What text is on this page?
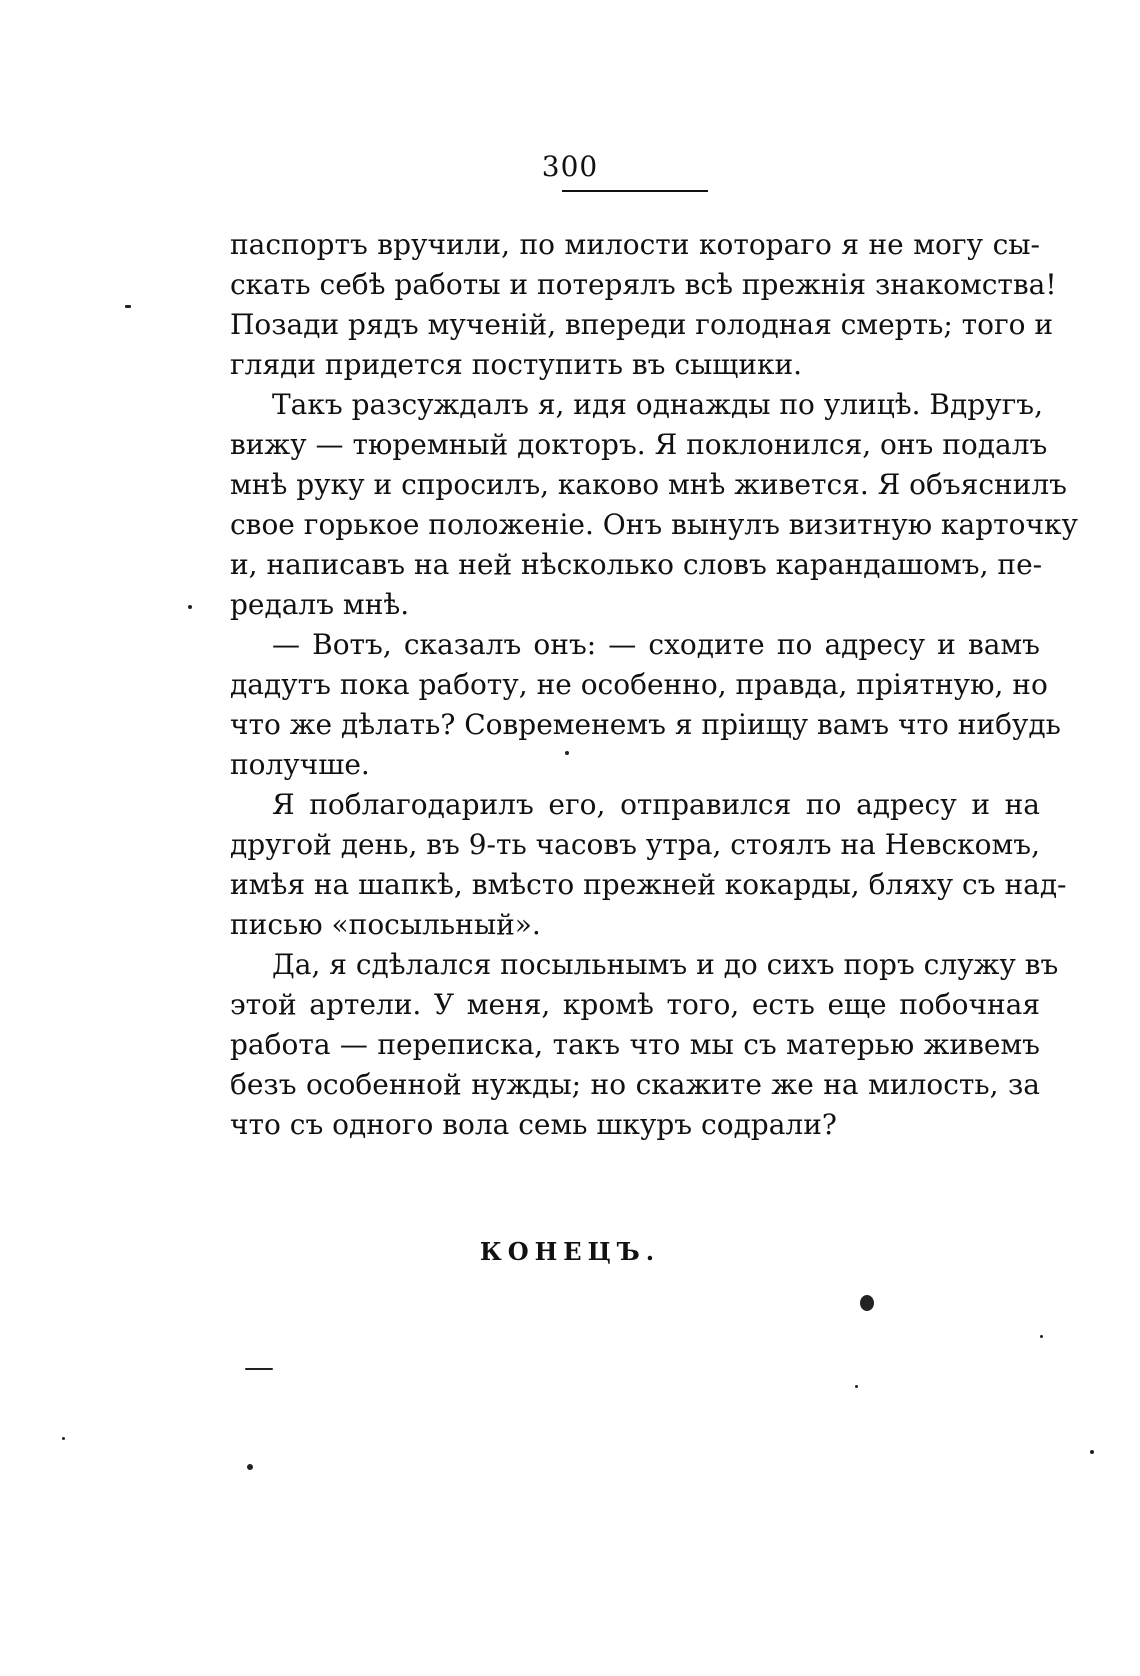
300
паспортъ вручили, по милости котораго я не могу сы-
скать себѣ работы и потерялъ всѣ прежнія знакомства!
Позади рядъ мученій, впереди голодная смерть; того и
гляди придется поступить въ сыщики.
Такъ разсуждалъ я, идя однажды по улицѣ. Вдругъ,
вижу — тюремный докторъ. Я поклонился, онъ подалъ
мнѣ руку и спросилъ, каково мнѣ живется. Я объяснилъ
свое горькое положеніе. Онъ вынулъ визитную карточку
и, написавъ на ней нѣсколько словъ карандашомъ, пе-
редалъ мнѣ.
— Вотъ, сказалъ онъ: — сходите по адресу и вамъ
дадутъ пока работу, не особенно, правда, пріятную, но
что же дѣлать? Современемъ я пріищу вамъ что нибудь
получше.
Я поблагодарилъ его, отправился по адресу и на
другой день, въ 9-ть часовъ утра, стоялъ на Невскомъ,
имѣя на шапкѣ, вмѣсто прежней кокарды, бляху съ над-
писью «посыльный».
Да, я сдѣлался посыльнымъ и до сихъ поръ служу въ
этой артели. У меня, кромѣ того, есть еще побочная
работа — переписка, такъ что мы съ матерью живемъ
безъ особенной нужды; но скажите же на милость, за
что съ одного вола семь шкуръ содрали?
КОНЕЦЪ.
